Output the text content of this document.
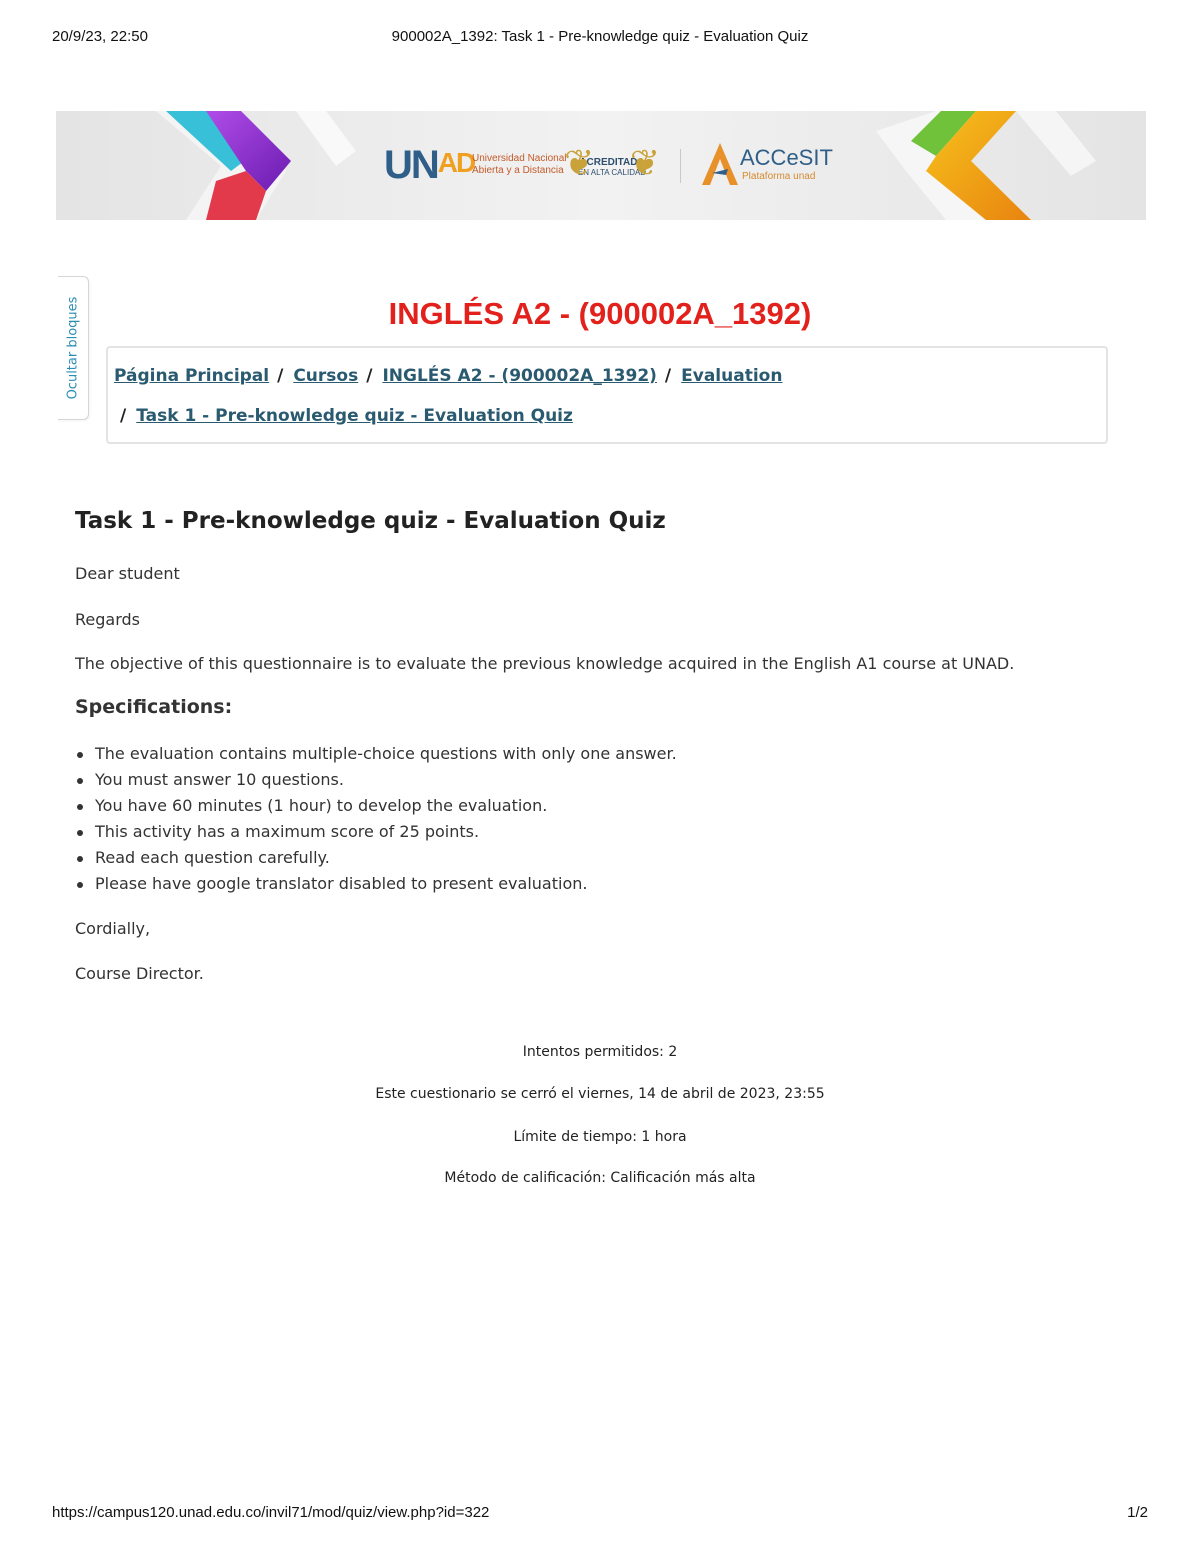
20/9/23, 22:50	900002A_1392: Task 1 - Pre-knowledge quiz - Evaluation Quiz
UNAD
Universidad Nacional
Abierta y a Distancia ❦ ❦
ACREDITADA
EN ALTA CALIDAD
ACCeSIT
Plataforma unad
Ocultar bloques	INGLÉS A2 - (900002A_1392)
Página Principal / Cursos / INGLÉS A2 - (900002A_1392) / Evaluation
/ Task 1 - Pre-knowledge quiz - Evaluation Quiz
Task 1 - Pre-knowledge quiz - Evaluation Quiz

Dear student

Regards

The objective of this questionnaire is to evaluate the previous knowledge acquired in the English A1 course at UNAD.

Specifications:
The evaluation contains multiple-choice questions with only one answer.
You must answer 10 questions.
You have 60 minutes (1 hour) to develop the evaluation.
This activity has a maximum score of 25 points.
Read each question carefully.
Please have google translator disabled to present evaluation.

Cordially,

Course Director.

Intentos permitidos: 2
Este cuestionario se cerró el viernes, 14 de abril de 2023, 23:55
Límite de tiempo: 1 hora
Método de calificación: Calificación más alta
https://campus120.unad.edu.co/invil71/mod/quiz/view.php?id=322	1/2
